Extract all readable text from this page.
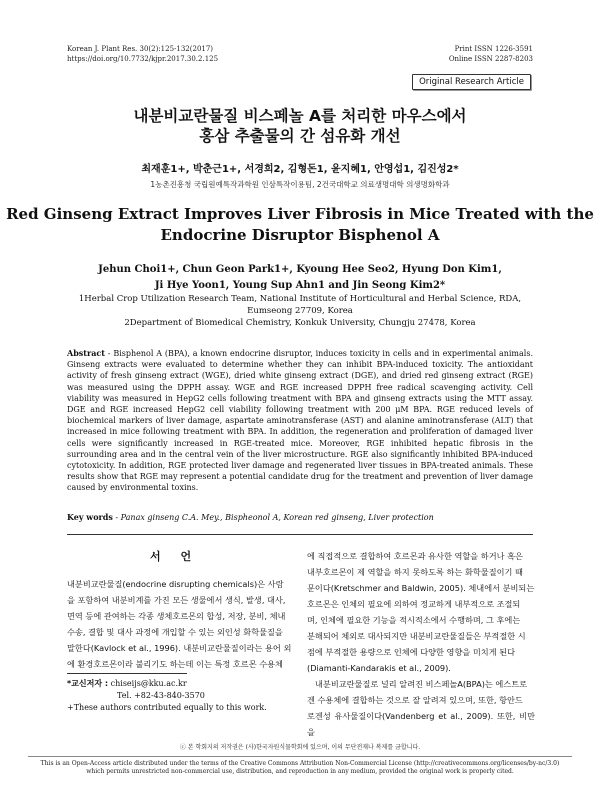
Korean J. Plant Res. 30(2):125-132(2017)
https://doi.org/10.7732/kjpr.2017.30.2.125
Print ISSN 1226-3591
Online ISSN 2287-8203
Original Research Article
내분비교란물질 비스페놀 A를 처리한 마우스에서
홍삼 추출물의 간 섬유화 개선
최재훈1+, 박춘근1+, 서경희2, 김형돈1, 윤지혜1, 안영섭1, 김진성2*
1농촌진흥청 국립원예특작과학원 인삼특작이용팀, 2건국대학교 의료생명대학 의생명화학과
Red Ginseng Extract Improves Liver Fibrosis in Mice Treated with the
Endocrine Disruptor Bisphenol A
Jehun Choi1+, Chun Geon Park1+, Kyoung Hee Seo2, Hyung Don Kim1,
Ji Hye Yoon1, Young Sup Ahn1 and Jin Seong Kim2*
1Herbal Crop Utilization Research Team, National Institute of Horticultural and Herbal Science, RDA,
Eumseong 27709, Korea
2Department of Biomedical Chemistry, Konkuk University, Chungju 27478, Korea
Abstract - Bisphenol A (BPA), a known endocrine disruptor, induces toxicity in cells and in experimental animals. Ginseng extracts were evaluated to determine whether they can inhibit BPA-induced toxicity. The antioxidant activity of fresh ginseng extract (WGE), dried white ginseng extract (DGE), and dried red ginseng extract (RGE) was measured using the DPPH assay. WGE and RGE increased DPPH free radical scavenging activity. Cell viability was measured in HepG2 cells following treatment with BPA and ginseng extracts using the MTT assay. DGE and RGE increased HepG2 cell viability following treatment with 200 μM BPA. RGE reduced levels of biochemical markers of liver damage, aspartate aminotransferase (AST) and alanine aminotransferase (ALT) that increased in mice following treatment with BPA. In addition, the regeneration and proliferation of damaged liver cells were significantly increased in RGE-treated mice. Moreover, RGE inhibited hepatic fibrosis in the surrounding area and in the central vein of the liver microstructure. RGE also significantly inhibited BPA-induced cytotoxicity. In addition, RGE protected liver damage and regenerated liver tissues in BPA-treated animals. These results show that RGE may represent a potential candidate drug for the treatment and prevention of liver damage caused by environmental toxins.
Key words - Panax ginseng C.A. Mey., Bispheonol A, Korean red ginseng, Liver protection
서 언
내분비교란물질(endocrine disrupting chemicals)은 사람
을 포함하여 내분비계를 가진 모든 생물에서 생식, 발생, 대사,
면역 등에 관여하는 각종 생체호르몬의 합성, 저장, 분비, 체내
수송, 결합 및 대사 과정에 개입할 수 있는 외인성 화학물질을
말한다(Kavlock et al., 1996). 내분비교란물질이라는 용어 외
에 환경호르몬이라 불리기도 하는데 이는 특정 호르몬 수용체
*교신저자 : chiseijs@kku.ac.kr
Tel. +82-43-840-3570
+These authors contributed equally to this work.
에 직접적으로 결합하여 호르몬과 유사한 역할을 하거나 혹은
내부호르몬이 제 역할을 하지 못하도록 하는 화학물질이기 때
문이다(Kretschmer and Baldwin, 2005). 체내에서 분비되는
호르몬은 인체의 필요에 의하여 정교하게 내부적으로 조절되
며, 인체에 필요한 기능을 적시적소에서 수행하며, 그 후에는
분해되어 체외로 대사되지만 내분비교란물질들은 부적절한 시
점에 부적절한 용량으로 인체에 다양한 영향을 미치게 된다
(Diamanti-Kandarakis et al., 2009).
내분비교란물질로 널리 알려진 비스페놀A(BPA)는 에스트로
겐 수용체에 결합하는 것으로 잘 알려져 있으며, 또한, 항안드
로겐성 유사물질이다(Vandenberg et al., 2009). 또한, 비만을
ⓒ 본 학회지의 저작권은 (사)한국자원식물학회에 있으며, 이의 무단전재나 복제를 금합니다.
This is an Open-Access article distributed under the terms of the Creative Commons Attribution Non-Commercial License (http://creativecommons.org/licenses/by-nc/3.0)
which permits unrestricted non-commercial use, distribution, and reproduction in any medium, provided the original work is properly cited.
